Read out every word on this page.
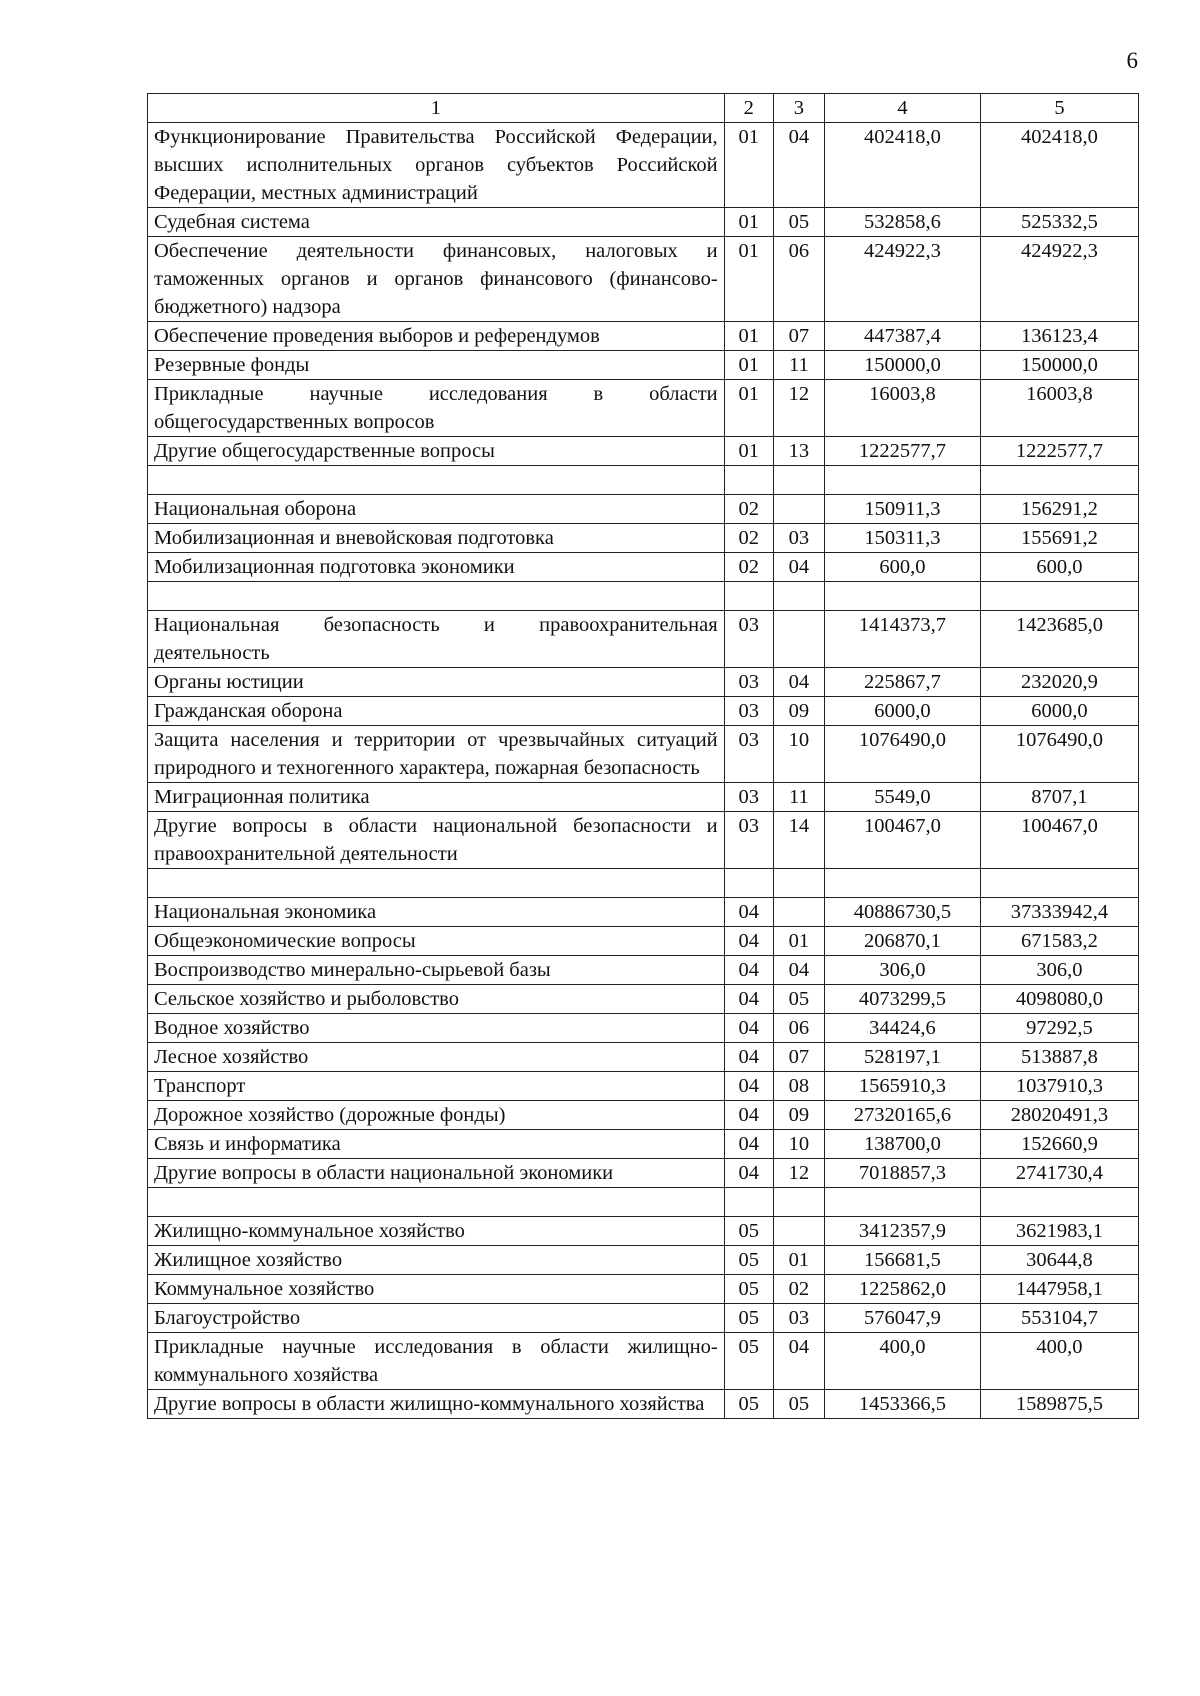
6
1	2	3	4	5
Функционирование Правительства Российской Федерации, высших исполнительных органов субъектов Российской Федерации, местных администраций	01	04	402418,0	402418,0
Судебная система	01	05	532858,6	525332,5
Обеспечение деятельности финансовых, налоговых и таможенных органов и органов финансового (финансово-бюджетного) надзора	01	06	424922,3	424922,3
Обеспечение проведения выборов и референдумов	01	07	447387,4	136123,4
Резервные фонды	01	11	150000,0	150000,0
Прикладные научные исследования в области общегосударственных вопросов	01	12	16003,8	16003,8
Другие общегосударственные вопросы	01	13	1222577,7	1222577,7

Национальная оборона	02		150911,3	156291,2
Мобилизационная и вневойсковая подготовка	02	03	150311,3	155691,2
Мобилизационная подготовка экономики	02	04	600,0	600,0

Национальная безопасность и правоохранительная деятельность	03		1414373,7	1423685,0
Органы юстиции	03	04	225867,7	232020,9
Гражданская оборона	03	09	6000,0	6000,0
Защита населения и территории от чрезвычайных ситуаций природного и техногенного характера, пожарная безопасность	03	10	1076490,0	1076490,0
Миграционная политика	03	11	5549,0	8707,1
Другие вопросы в области национальной безопасности и правоохранительной деятельности	03	14	100467,0	100467,0

Национальная экономика	04		40886730,5	37333942,4
Общеэкономические вопросы	04	01	206870,1	671583,2
Воспроизводство минерально-сырьевой базы	04	04	306,0	306,0
Сельское хозяйство и рыболовство	04	05	4073299,5	4098080,0
Водное хозяйство	04	06	34424,6	97292,5
Лесное хозяйство	04	07	528197,1	513887,8
Транспорт	04	08	1565910,3	1037910,3
Дорожное хозяйство (дорожные фонды)	04	09	27320165,6	28020491,3
Связь и информатика	04	10	138700,0	152660,9
Другие вопросы в области национальной экономики	04	12	7018857,3	2741730,4

Жилищно-коммунальное хозяйство	05		3412357,9	3621983,1
Жилищное хозяйство	05	01	156681,5	30644,8
Коммунальное хозяйство	05	02	1225862,0	1447958,1
Благоустройство	05	03	576047,9	553104,7
Прикладные научные исследования в области жилищно-коммунального хозяйства	05	04	400,0	400,0
Другие вопросы в области жилищно-коммунального хозяйства	05	05	1453366,5	1589875,5
